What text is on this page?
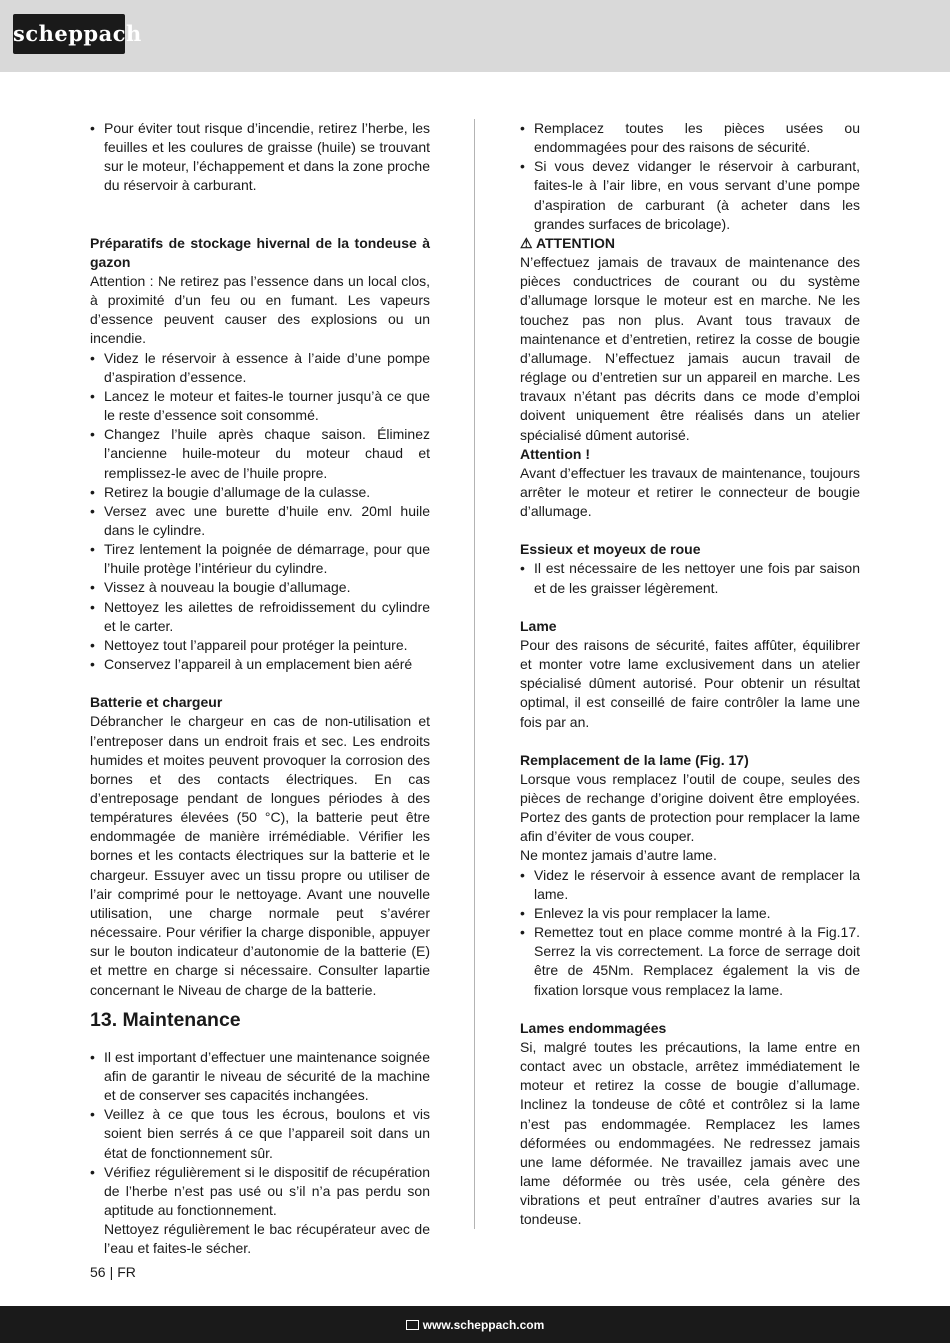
scheppach
• Pour éviter tout risque d’incendie, retirez l’herbe, les feuilles et les coulures de graisse (huile) se trouvant sur le moteur, l’échappement et dans la zone proche du réservoir à carburant.

Préparatifs de stockage hivernal de la tondeuse à gazon

Attention : Ne retirez pas l’essence dans un local clos, à proximité d’un feu ou en fumant. Les vapeurs d’essence peuvent causer des explosions ou un incendie.

• Videz le réservoir à essence à l’aide d’une pompe d’aspiration d’essence.
• Lancez le moteur et faites-le tourner jusqu’à ce que le reste d’essence soit consommé.
• Changez l’huile après chaque saison. Éliminez l’ancienne huile-moteur du moteur chaud et remplissez-le avec de l’huile propre.
• Retirez la bougie d’allumage de la culasse.
• Versez avec une burette d’huile env. 20ml huile dans le cylindre.
• Tirez lentement la poignée de démarrage, pour que l’huile protège l’intérieur du cylindre.
• Vissez à nouveau la bougie d’allumage.
• Nettoyez les ailettes de refroidissement du cylindre et le carter.
• Nettoyez tout l’appareil pour protéger la peinture.
• Conservez l’appareil à un emplacement bien aéré

Batterie et chargeur

Débrancher le chargeur en cas de non-utilisation et l’entreposer dans un endroit frais et sec. Les endroits humides et moites peuvent provoquer la corrosion des bornes et des contacts électriques. En cas d’entreposage pendant de longues périodes à des températures élevées (50 °C), la batterie peut être endommagée de manière irrémédiable. Vérifier les bornes et les contacts électriques sur la batterie et le chargeur. Essuyer avec un tissu propre ou utiliser de l’air comprimé pour le nettoyage. Avant une nouvelle utilisation, une charge normale peut s’avérer nécessaire. Pour vérifier la charge disponible, appuyer sur le bouton indicateur d’autonomie de la batterie (E) et mettre en charge si nécessaire. Consulter lapartie concernant le Niveau de charge de la batterie.

13. Maintenance
• Il est important d’effectuer une maintenance soignée afin de garantir le niveau de sécurité de la machine et de conserver ses capacités inchangées.
• Veillez à ce que tous les écrous, boulons et vis soient bien serrés á ce que l’appareil soit dans un état de fonctionnement sûr.
• Vérifiez régulièrement si le dispositif de récupération de l’herbe n’est pas usé ou s’il n’a pas perdu son aptitude au fonctionnement.

Nettoyez régulièrement le bac récupérateur avec de l’eau et faites-le sécher.

• Remplacez toutes les pièces usées ou endommagées pour des raisons de sécurité.
• Si vous devez vidanger le réservoir à carburant, faites-le à l’air libre, en vous servant d’une pompe d’aspiration de carburant (à acheter dans les grandes surfaces de bricolage).

⚠ ATTENTION

N’effectuez jamais de travaux de maintenance des pièces conductrices de courant ou du système d’allumage lorsque le moteur est en marche. Ne les touchez pas non plus. Avant tous travaux de maintenance et d’entretien, retirez la cosse de bougie d’allumage. N’effectuez jamais aucun travail de réglage ou d’entretien sur un appareil en marche. Les travaux n’étant pas décrits dans ce mode d’emploi doivent uniquement être réalisés dans un atelier spécialisé dûment autorisé.

Attention !

Avant d’effectuer les travaux de maintenance, toujours arrêter le moteur et retirer le connecteur de bougie d’allumage.

Essieux et moyeux de roue

• Il est nécessaire de les nettoyer une fois par saison et de les graisser légèrement.

Lame

Pour des raisons de sécurité, faites affûter, équilibrer et monter votre lame exclusivement dans un atelier spécialisé dûment autorisé. Pour obtenir un résultat optimal, il est conseillé de faire contrôler la lame une fois par an.

Remplacement de la lame (Fig. 17)

Lorsque vous remplacez l’outil de coupe, seules des pièces de rechange d’origine doivent être employées. Portez des gants de protection pour remplacer la lame afin d’éviter de vous couper.

Ne montez jamais d’autre lame.

• Videz le réservoir à essence avant de remplacer la lame.
• Enlevez la vis pour remplacer la lame.
• Remettez tout en place comme montré à la Fig.17. Serrez la vis correctement. La force de serrage doit être de 45Nm. Remplacez également la vis de fixation lorsque vous remplacez la lame.

Lames endommagées

Si, malgré toutes les précautions, la lame entre en contact avec un obstacle, arrêtez immédiatement le moteur et retirez la cosse de bougie d’allumage. Inclinez la tondeuse de côté et contrôlez si la lame n’est pas endommagée. Remplacez les lames déformées ou endommagées. Ne redressez jamais une lame déformée. Ne travaillez jamais avec une lame déformée ou très usée, cela génère des vibrations et peut entraîner d’autres avaries sur la tondeuse.

56 | FR
www.scheppach.com
